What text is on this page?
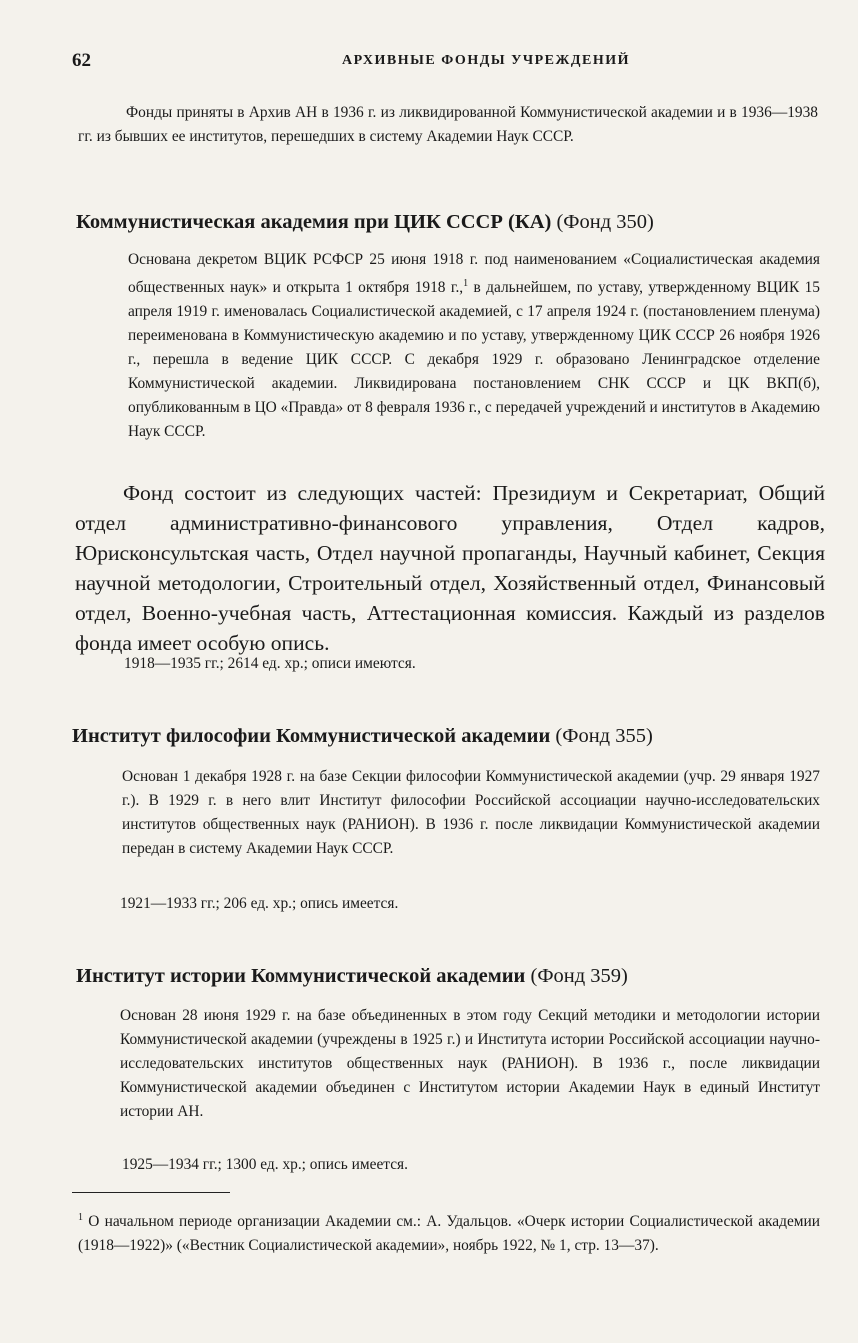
62	АРХИВНЫЕ ФОНДЫ УЧРЕЖДЕНИЙ

Фонды приняты в Архив АН в 1936 г. из ликвидированной Коммунистической академии и в 1936—1938 гг. из бывших ее институтов, перешедших в систему Академии Наук СССР.

Коммунистическая академия при ЦИК СССР (КА) (Фонд 350)

Основана декретом ВЦИК РСФСР 25 июня 1918 г. под наименованием «Социалистическая академия общественных наук» и открыта 1 октября 1918 г.,$^1$ в дальнейшем, по уставу, утвержденному ВЦИК 15 апреля 1919 г. именовалась Социалистической академией, с 17 апреля 1924 г. (постановлением пленума) переименована в Коммунистическую академию и по уставу, утвержденному ЦИК СССР 26 ноября 1926 г., перешла в ведение ЦИК СССР. С декабря 1929 г. образовано Ленинградское отделение Коммунистической академии. Ликвидирована постановлением СНК СССР и ЦК ВКП(б), опубликованным в ЦО «Правда» от 8 февраля 1936 г., с передачей учреждений и институтов в Академию Наук СССР.

Фонд состоит из следующих частей: Президиум и Секретариат, Общий отдел административно-финансового управления, Отдел кадров, Юрисконсультская часть, Отдел научной пропаганды, Научный кабинет, Секция научной методологии, Строительный отдел, Хозяйственный отдел, Финансовый отдел, Военно-учебная часть, Аттестационная комиссия. Каждый из разделов фонда имеет особую опись.

1918—1935 гг.; 2614 ед. хр.; описи имеются.

Институт философии Коммунистической академии (Фонд 355)

Основан 1 декабря 1928 г. на базе Секции философии Коммунистической академии (учр. 29 января 1927 г.). В 1929 г. в него влит Институт философии Российской ассоциации научно-исследовательских институтов общественных наук (РАНИОН). В 1936 г. после ликвидации Коммунистической академии передан в систему Академии Наук СССР.

1921—1933 гг.; 206 ед. хр.; опись имеется.

Институт истории Коммунистической академии (Фонд 359)

Основан 28 июня 1929 г. на базе объединенных в этом году Секций методики и методологии истории Коммунистической академии (учреждены в 1925 г.) и Института истории Российской ассоциации научно-исследовательских институтов общественных наук (РАНИОН). В 1936 г., после ликвидации Коммунистической академии объединен с Институтом истории Академии Наук в единый Институт истории АН.

1925—1934 гг.; 1300 ед. хр.; опись имеется.

$^1$ О начальном периоде организации Академии см.: А. Удальцов. «Очерк истории Социалистической академии (1918—1922)» («Вестник Социалистической академии», ноябрь 1922, № 1, стр. 13—37).
